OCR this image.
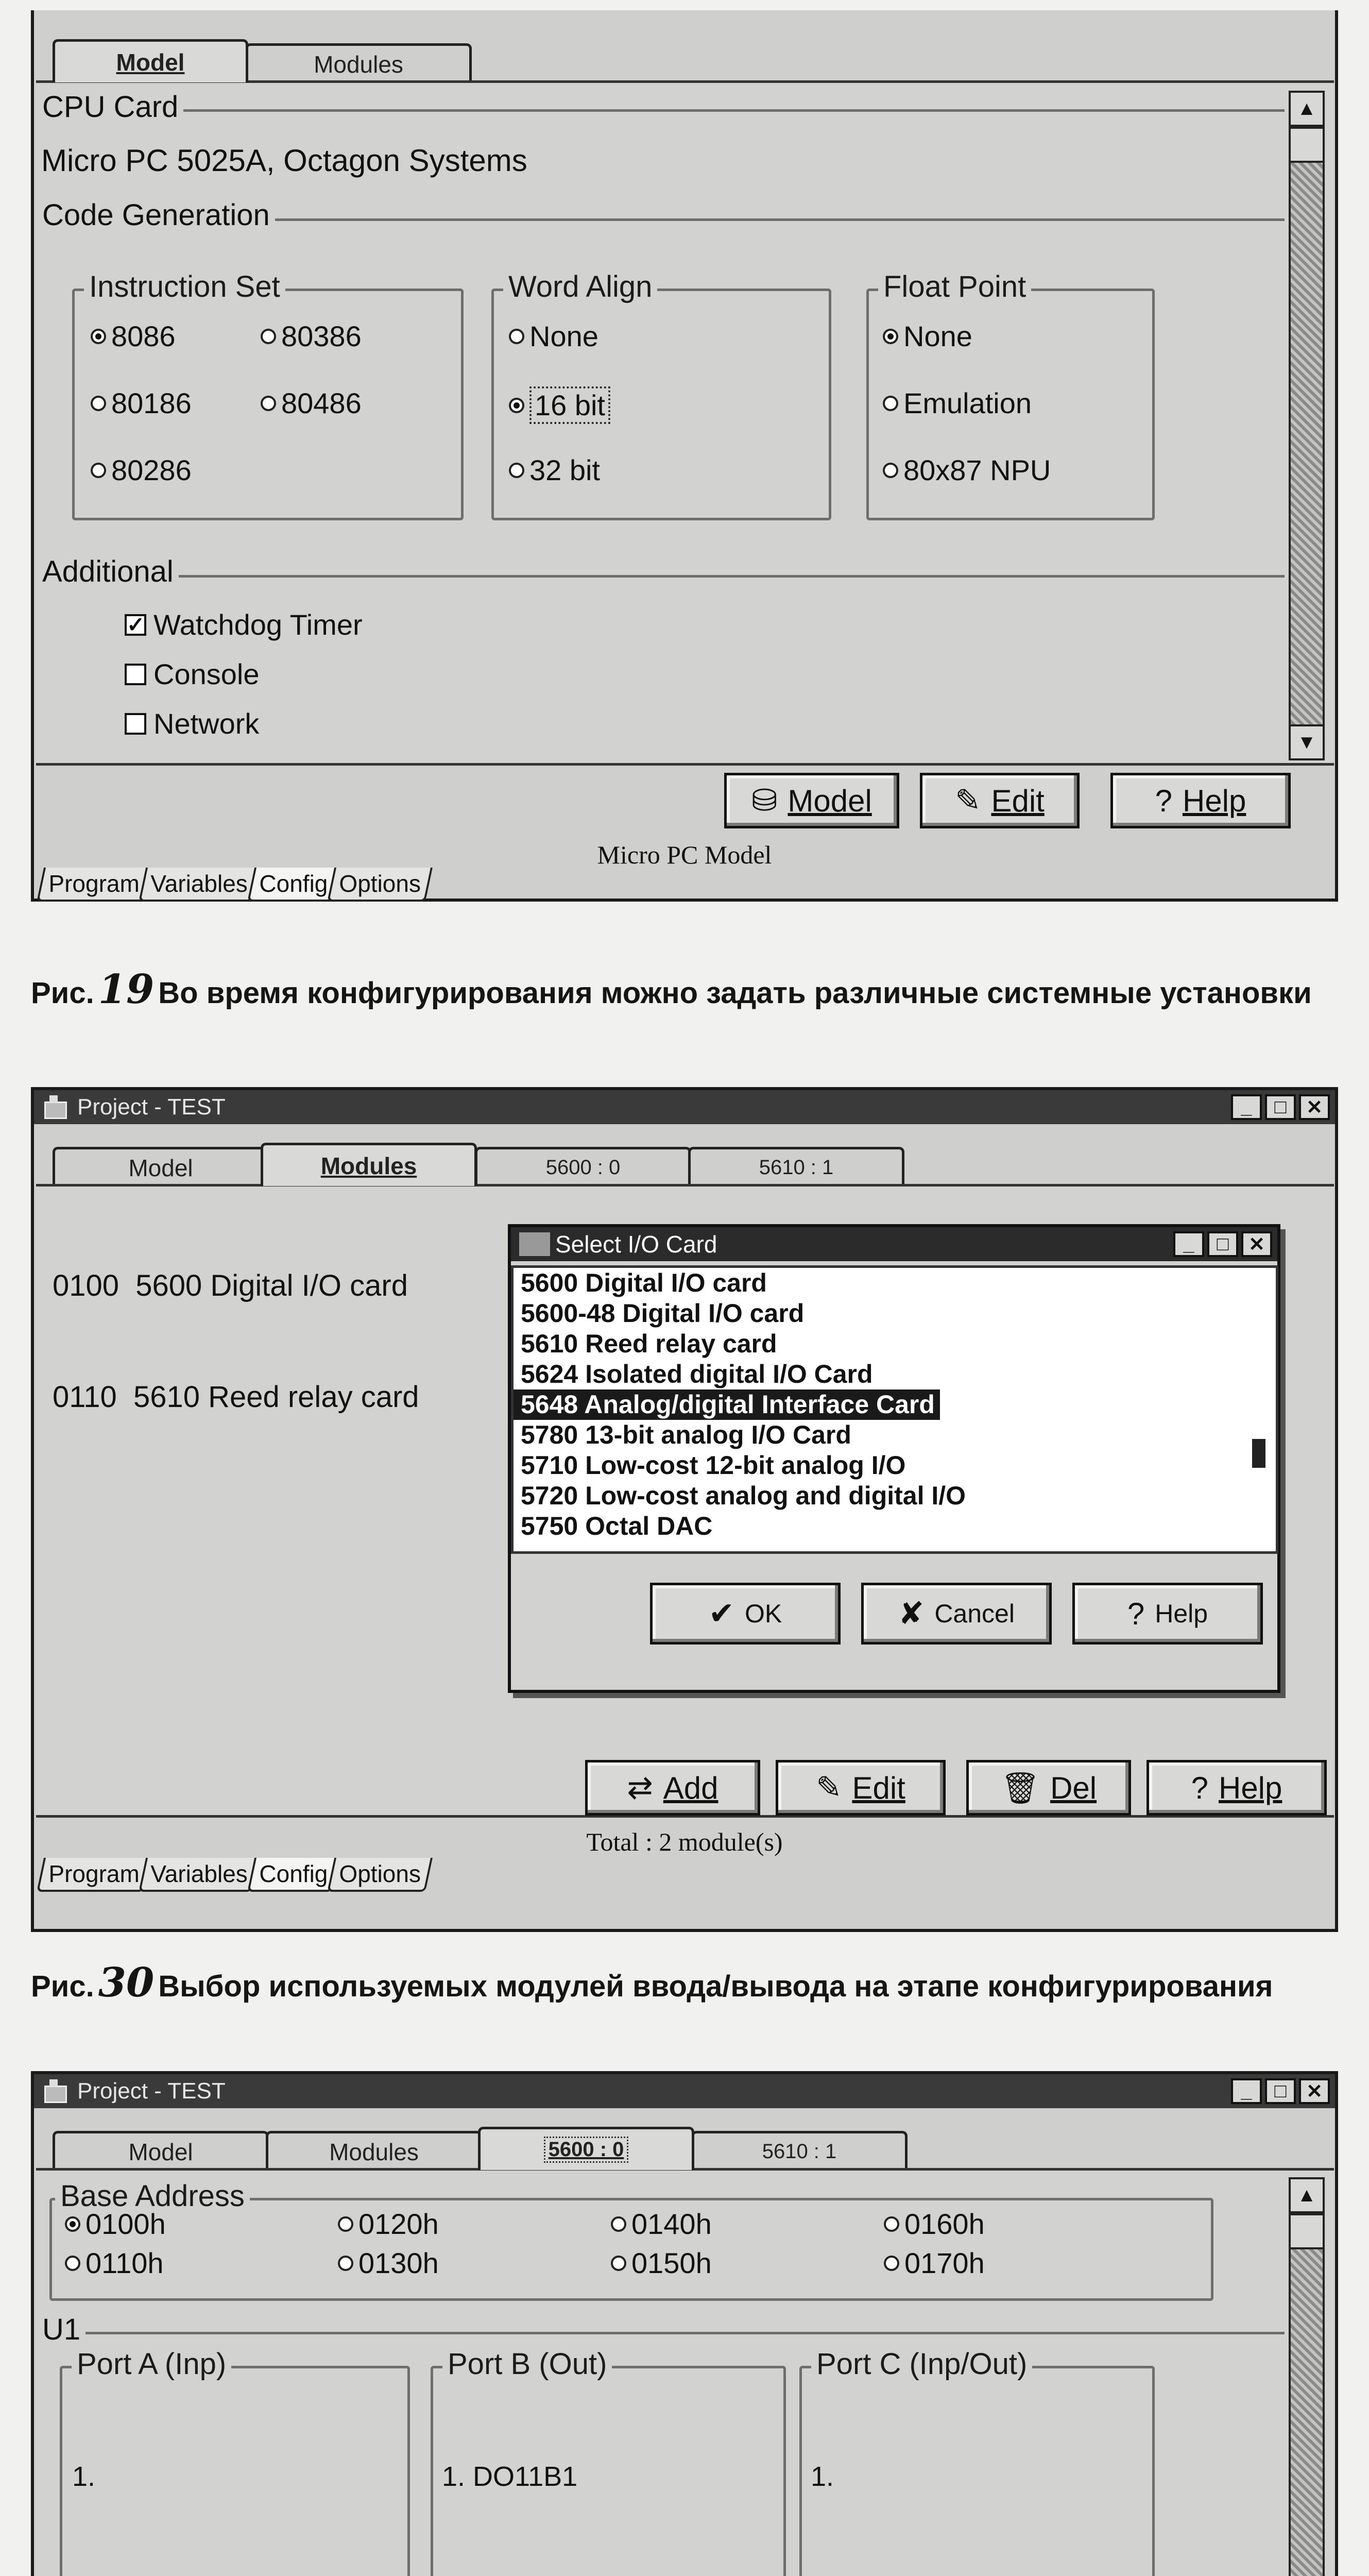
Model	Modules
CPU Card
Micro PC 5025A, Octagon Systems
Code Generation
Instruction Set
8086	80386
80186	80486
80286
Word Align
None
16 bit
32 bit
Float Point
None
Emulation
80x87 NPU
Additional
✓ Watchdog Timer
Console
Network
▲
▼
⛁ Model	✎ Edit	? Help
Micro PC Model
Program Variables Config Options
Рис. 19 Во время конфигурирования можно задать различные системные установки
Project - TEST	_	□	✕
Model	Modules	5600 : 0	5610 : 1

0100  5600 Digital I/O card

0110  5610 Reed relay card

Select I/O Card	_	□	✕
5600 Digital I/O card
5600-48 Digital I/O card
5610 Reed relay card
5624 Isolated digital I/O Card
5648 Analog/digital Interface Card
5780 13-bit analog I/O Card
5710 Low-cost 12-bit analog I/O
5720 Low-cost analog and digital I/O
5750 Octal DAC
✔ OK	✘ Cancel	? Help
⇄ Add	✎ Edit	🗑 Del	? Help
Total : 2 module(s)
Program Variables Config Options
Рис. 30 Выбор используемых модулей ввода/вывода на этапе конфигурирования
Project - TEST	_	□	✕
Model	Modules	5600 : 0	5610 : 1
Base Address
0100h	0120h	0140h	0160h
0110h	0130h	0150h	0170h
U1
Port A (Inp)

1.

Port B (Out)

1. DO11B1

Port C (Inp/Out)

1.

▲
